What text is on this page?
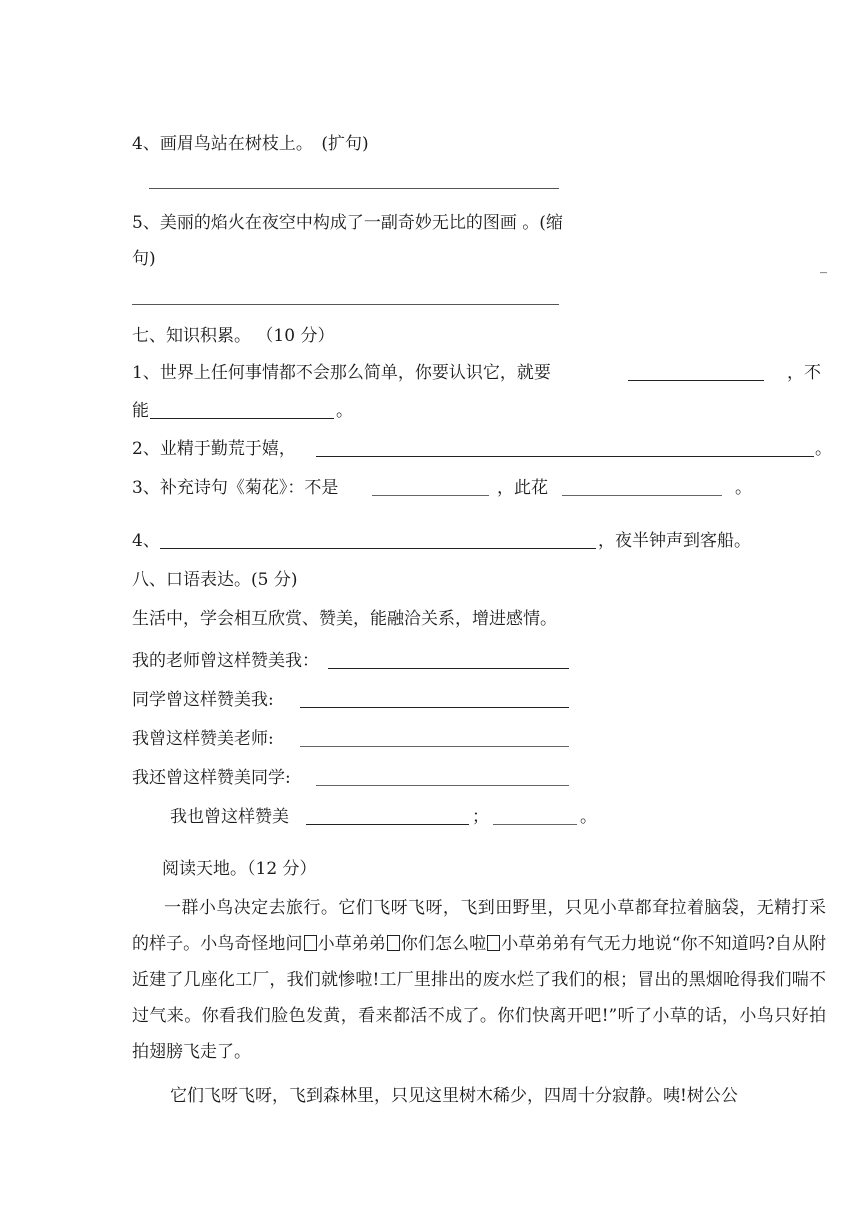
4、画眉鸟站在树枝上。　(扩句)
5、美丽的焰火在夜空中构成了一副奇妙无比的图画 。(缩
句)	_
七、知识积累。 （10 分）
1、世界上任何事情都不会那么简单，你要认识它，就要	，不
能	。
2、业精于勤荒于嬉，	。
3、补充诗句《菊花》：不是	，此花	。
4、	，夜半钟声到客船。
八、口语表达。(5 分)
生活中，学会相互欣赏、赞美，能融洽关系，增进感情。
我的老师曾这样赞美我：
同学曾这样赞美我:
我曾这样赞美老师:
我还曾这样赞美同学:
我也曾这样赞美	；	。
阅读天地。（12 分）
一群小鸟决定去旅行。它们飞呀飞呀，飞到田野里，只见小草都耷拉着脑袋，无精打采的样子。小鸟奇怪地问 小草弟弟 你们怎么啦 小草弟弟有气无力地说“你不知道吗?自从附近建了几座化工厂，我们就惨啦!工厂里排出的废水烂了我们的根；冒出的黑烟呛得我们喘不过气来。你看我们脸色发黄，看来都活不成了。你们快离开吧!”听了小草的话，小鸟只好拍拍翅膀飞走了。
它们飞呀飞呀，飞到森林里，只见这里树木稀少，四周十分寂静。咦!树公公
